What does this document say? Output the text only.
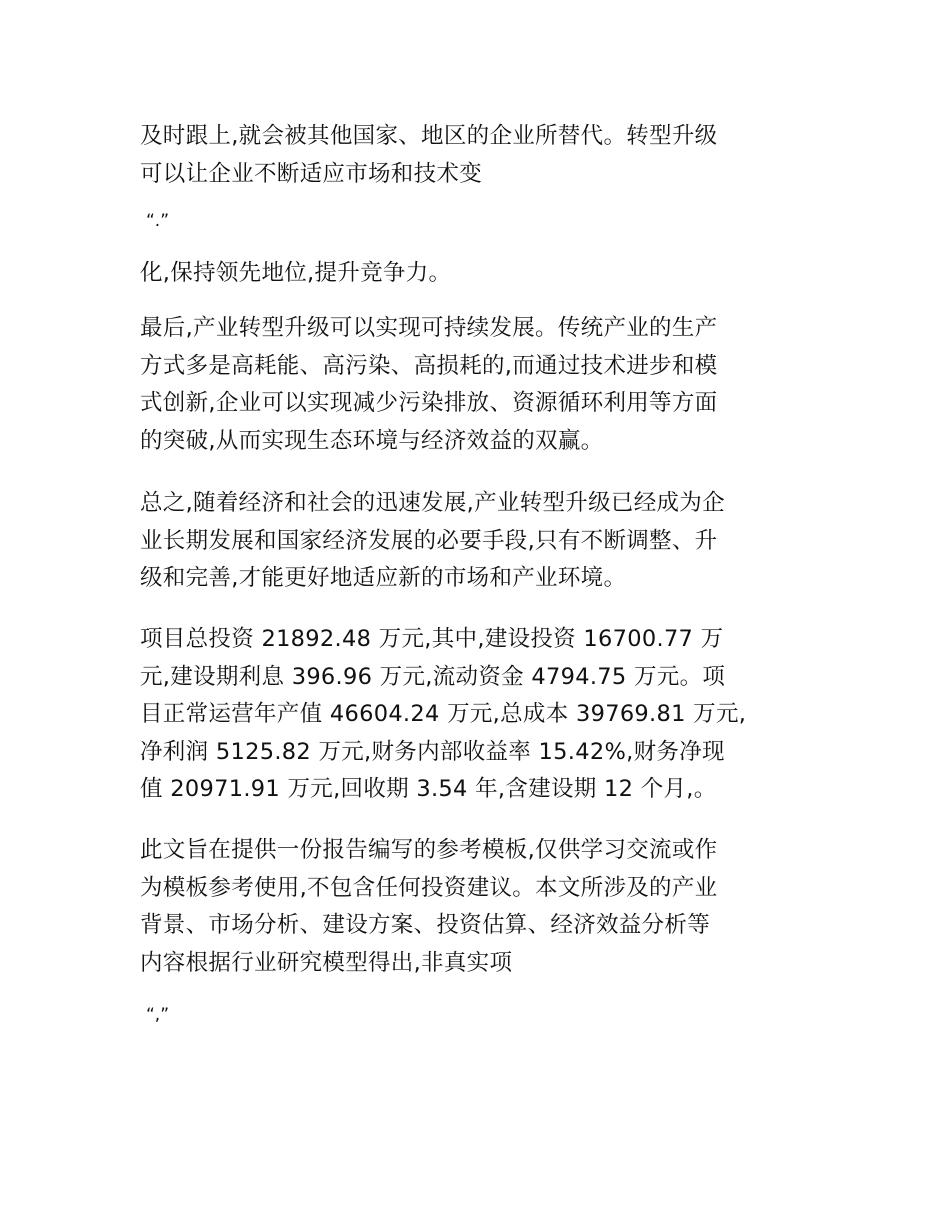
及时跟上,就会被其他国家、地区的企业所替代。转型升级
可以让企业不断适应市场和技术变
“.”
化,保持领先地位,提升竞争力。
最后,产业转型升级可以实现可持续发展。传统产业的生产
方式多是高耗能、高污染、高损耗的,而通过技术进步和模
式创新,企业可以实现减少污染排放、资源循环利用等方面
的突破,从而实现生态环境与经济效益的双赢。
总之,随着经济和社会的迅速发展,产业转型升级已经成为企
业长期发展和国家经济发展的必要手段,只有不断调整、升
级和完善,才能更好地适应新的市场和产业环境。
项目总投资 21892.48 万元,其中,建设投资 16700.77 万
元,建设期利息 396.96 万元,流动资金 4794.75 万元。项
目正常运营年产值 46604.24 万元,总成本 39769.81 万元,
净利润 5125.82 万元,财务内部收益率 15.42%,财务净现
值 20971.91 万元,回收期 3.54 年,含建设期 12 个月,。
此文旨在提供一份报告编写的参考模板,仅供学习交流或作
为模板参考使用,不包含任何投资建议。本文所涉及的产业
背景、市场分析、建设方案、投资估算、经济效益分析等
内容根据行业研究模型得出,非真实项
“,”
